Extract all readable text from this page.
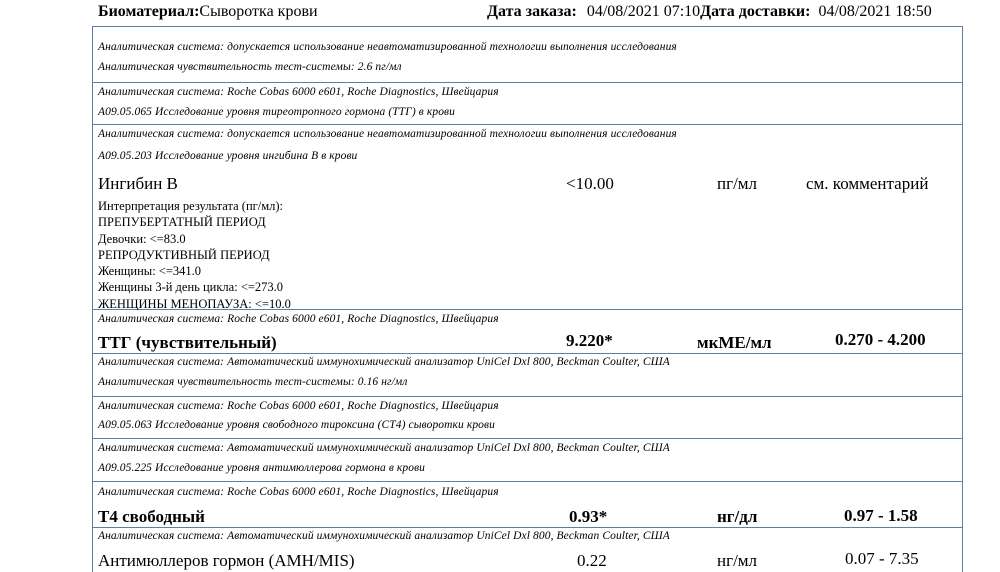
Биоматериал:Сыворотка крови	Дата заказа: 04/08/2021 07:10Дата доставки: 04/08/2021 18:50
Аналитическая система: допускается использование неавтоматизированной технологии выполнения исследования
Аналитическая чувствительность тест-системы: 2.6 пг/мл
Аналитическая система: Roche Cobas 6000 e601, Roche Diagnostics, Швейцария
A09.05.065 Исследование уровня тиреотропного гормона (ТТГ) в крови
Аналитическая система: допускается использование неавтоматизированной технологии выполнения исследования
A09.05.203 Исследование уровня ингибина B в крови
Ингибин В	<10.00	пг/мл	см. комментарий
Интерпретация результата (пг/мл):
ПРЕПУБЕРТАТНЫЙ ПЕРИОД
Девочки: <=83.0
РЕПРОДУКТИВНЫЙ ПЕРИОД
Женщины: <=341.0
Женщины 3-й день цикла: <=273.0
ЖЕНЩИНЫ МЕНОПАУЗА: <=10.0
Аналитическая система: Roche Cobas 6000 e601, Roche Diagnostics, Швейцария
ТТГ (чувствительный)	9.220*	мкМЕ/мл	0.270 - 4.200
Аналитическая система: Автоматический иммунохимический анализатор UniCel Dxl 800, Beckman Coulter, США
Аналитическая чувствительность тест-системы: 0.16 нг/мл
Аналитическая система: Roche Cobas 6000 e601, Roche Diagnostics, Швейцария
A09.05.063 Исследование уровня свободного тироксина (СТ4) сыворотки крови
Аналитическая система: Автоматический иммунохимический анализатор UniCel Dxl 800, Beckman Coulter, США
A09.05.225 Исследование уровня антимюллерова гормона в крови
Аналитическая система: Roche Cobas 6000 e601, Roche Diagnostics, Швейцария
Т4 свободный	0.93*	нг/дл	0.97 - 1.58
Аналитическая система: Автоматический иммунохимический анализатор UniCel Dxl 800, Beckman Coulter, США
Антимюллеров гормон (AMH/MIS)	0.22	нг/мл	0.07 - 7.35
